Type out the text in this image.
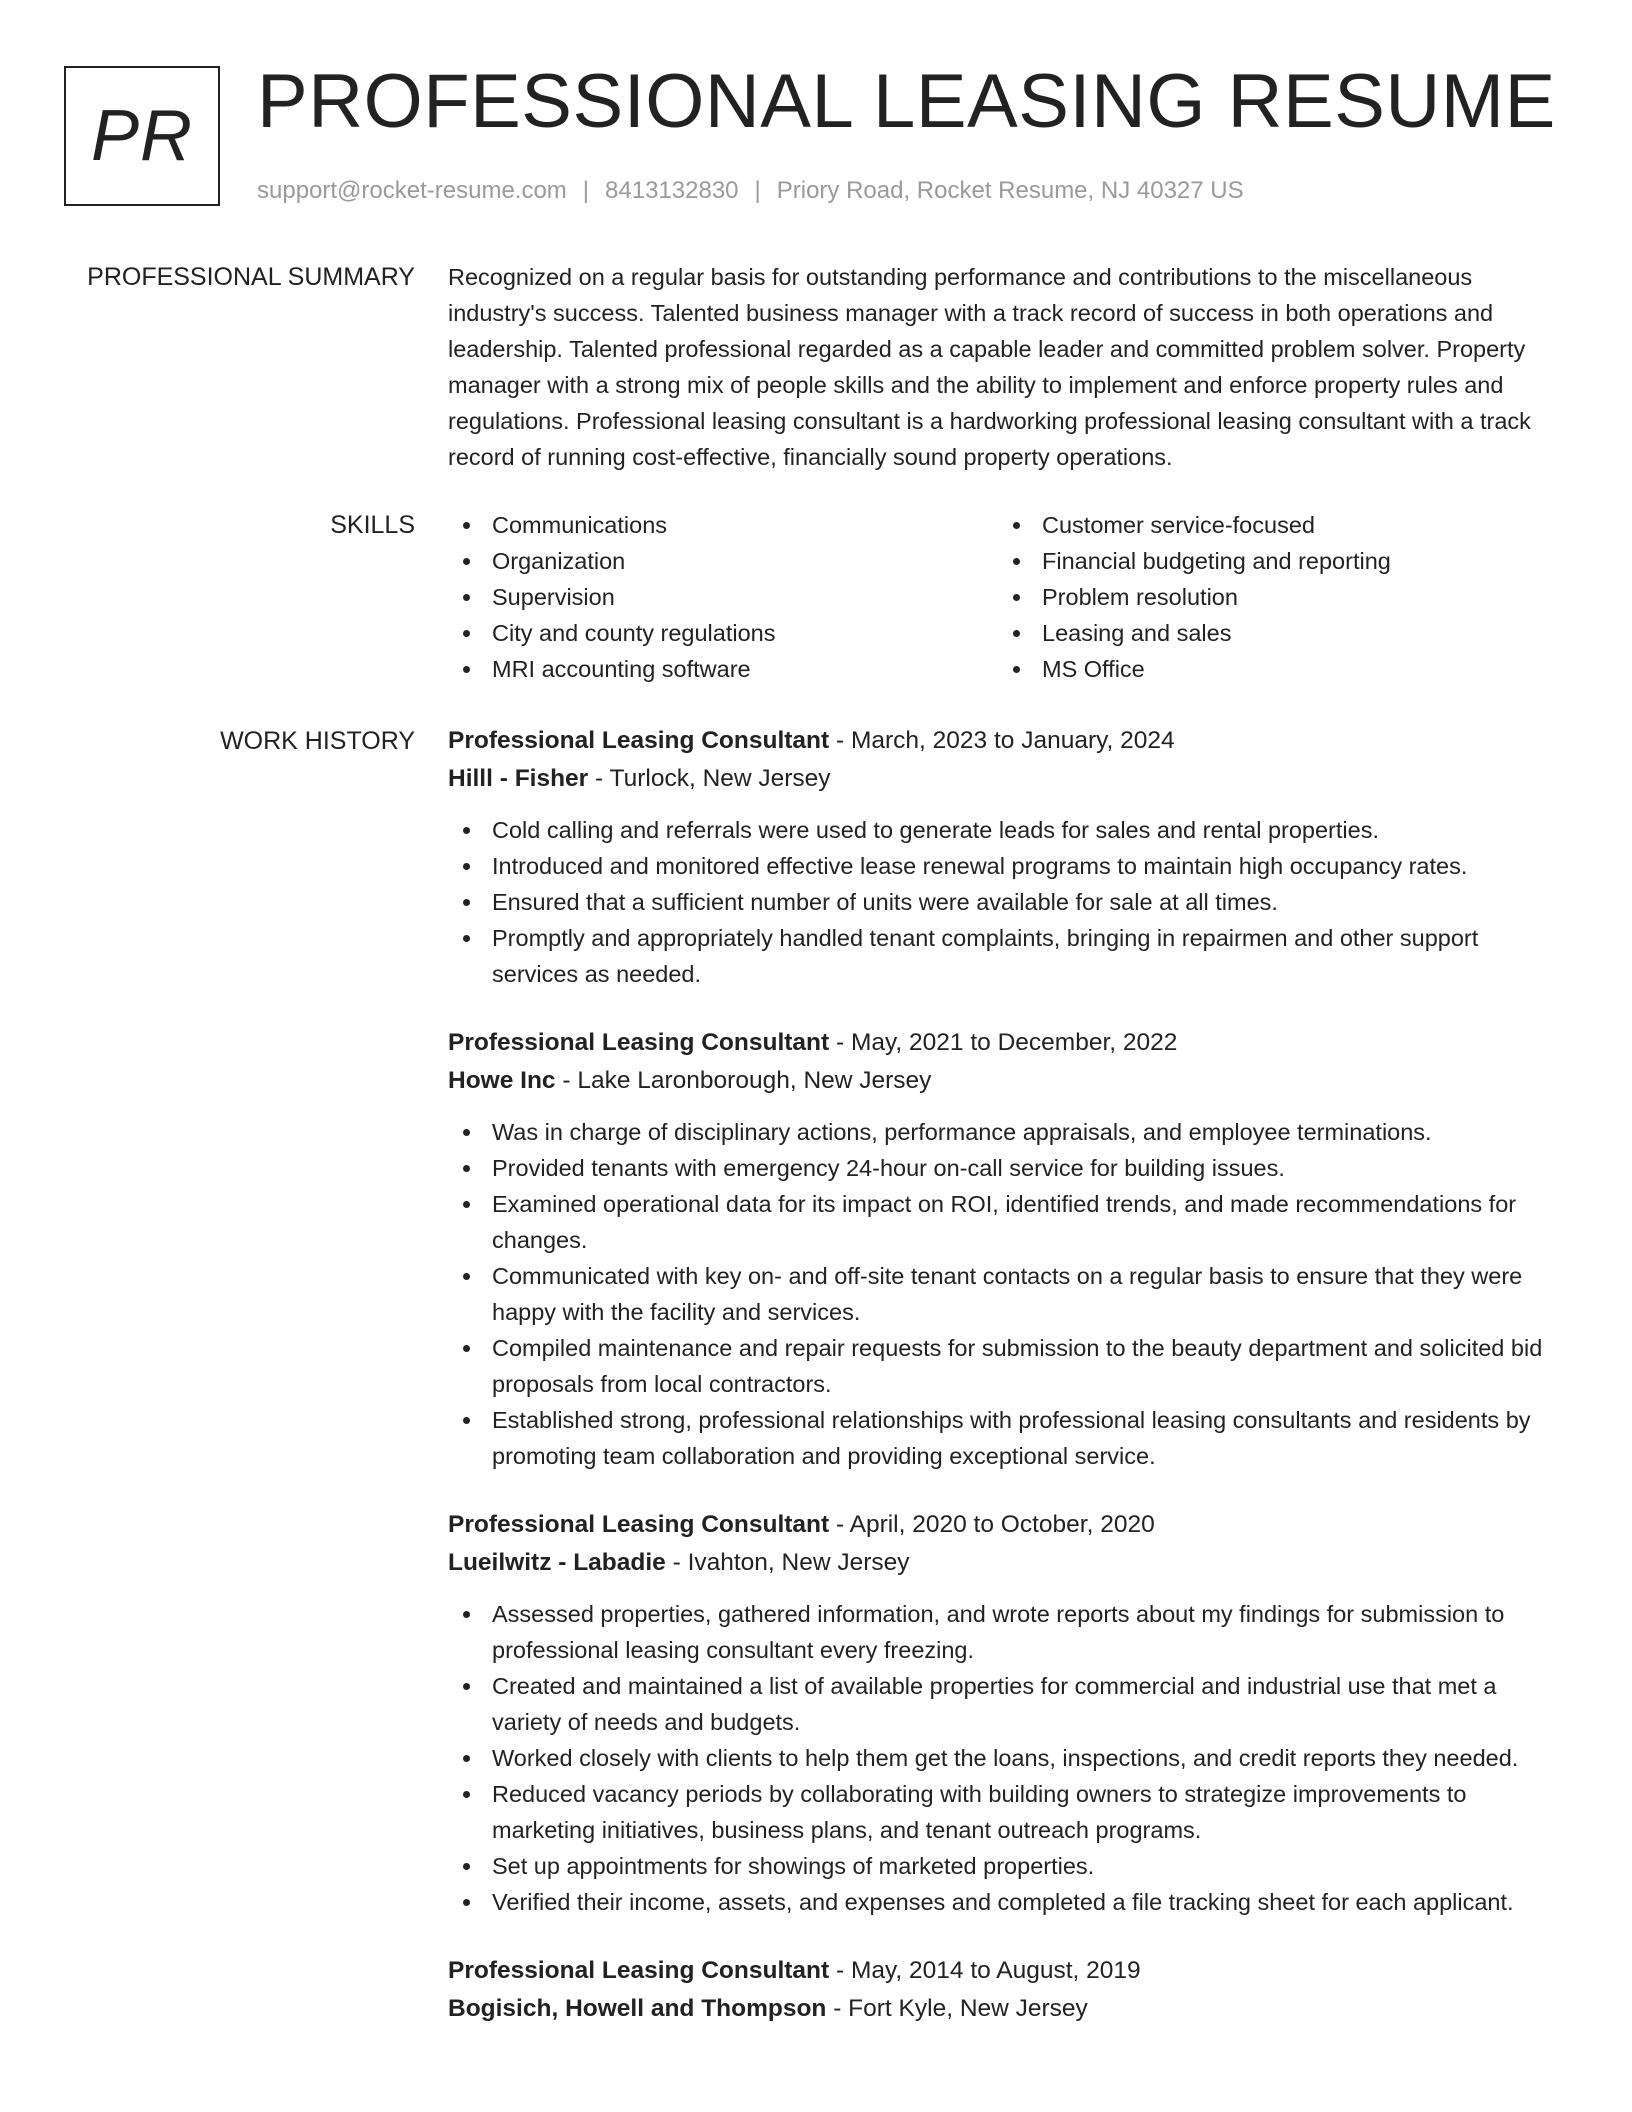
PR PROFESSIONAL LEASING RESUME
support@rocket-resume.com | 8413132830 | Priory Road, Rocket Resume, NJ 40327 US
PROFESSIONAL SUMMARY Recognized on a regular basis for outstanding performance and contributions to the miscellaneous industry's success. Talented business manager with a track record of success in both operations and leadership. Talented professional regarded as a capable leader and committed problem solver. Property manager with a strong mix of people skills and the ability to implement and enforce property rules and regulations. Professional leasing consultant is a hardworking professional leasing consultant with a track record of running cost-effective, financially sound property operations.

SKILLS	Communications
Organization
Supervision
City and county regulations
MRI accounting software
Customer service-focused
Financial budgeting and reporting
Problem resolution
Leasing and sales
MS Office
WORK HISTORY Professional Leasing Consultant - March, 2023 to January, 2024
Hilll - Fisher - Turlock, New Jersey
Cold calling and referrals were used to generate leads for sales and rental properties.
Introduced and monitored effective lease renewal programs to maintain high occupancy rates.
Ensured that a sufficient number of units were available for sale at all times.
Promptly and appropriately handled tenant complaints, bringing in repairmen and other support services as needed.
Professional Leasing Consultant - May, 2021 to December, 2022
Howe Inc - Lake Laronborough, New Jersey
Was in charge of disciplinary actions, performance appraisals, and employee terminations.
Provided tenants with emergency 24-hour on-call service for building issues.
Examined operational data for its impact on ROI, identified trends, and made recommendations for changes.
Communicated with key on- and off-site tenant contacts on a regular basis to ensure that they were happy with the facility and services.
Compiled maintenance and repair requests for submission to the beauty department and solicited bid proposals from local contractors.
Established strong, professional relationships with professional leasing consultants and residents by promoting team collaboration and providing exceptional service.
Professional Leasing Consultant - April, 2020 to October, 2020
Lueilwitz - Labadie - Ivahton, New Jersey
Assessed properties, gathered information, and wrote reports about my findings for submission to professional leasing consultant every freezing.
Created and maintained a list of available properties for commercial and industrial use that met a variety of needs and budgets.
Worked closely with clients to help them get the loans, inspections, and credit reports they needed.
Reduced vacancy periods by collaborating with building owners to strategize improvements to marketing initiatives, business plans, and tenant outreach programs.
Set up appointments for showings of marketed properties.
Verified their income, assets, and expenses and completed a file tracking sheet for each applicant.
Professional Leasing Consultant - May, 2014 to August, 2019
Bogisich, Howell and Thompson - Fort Kyle, New Jersey
